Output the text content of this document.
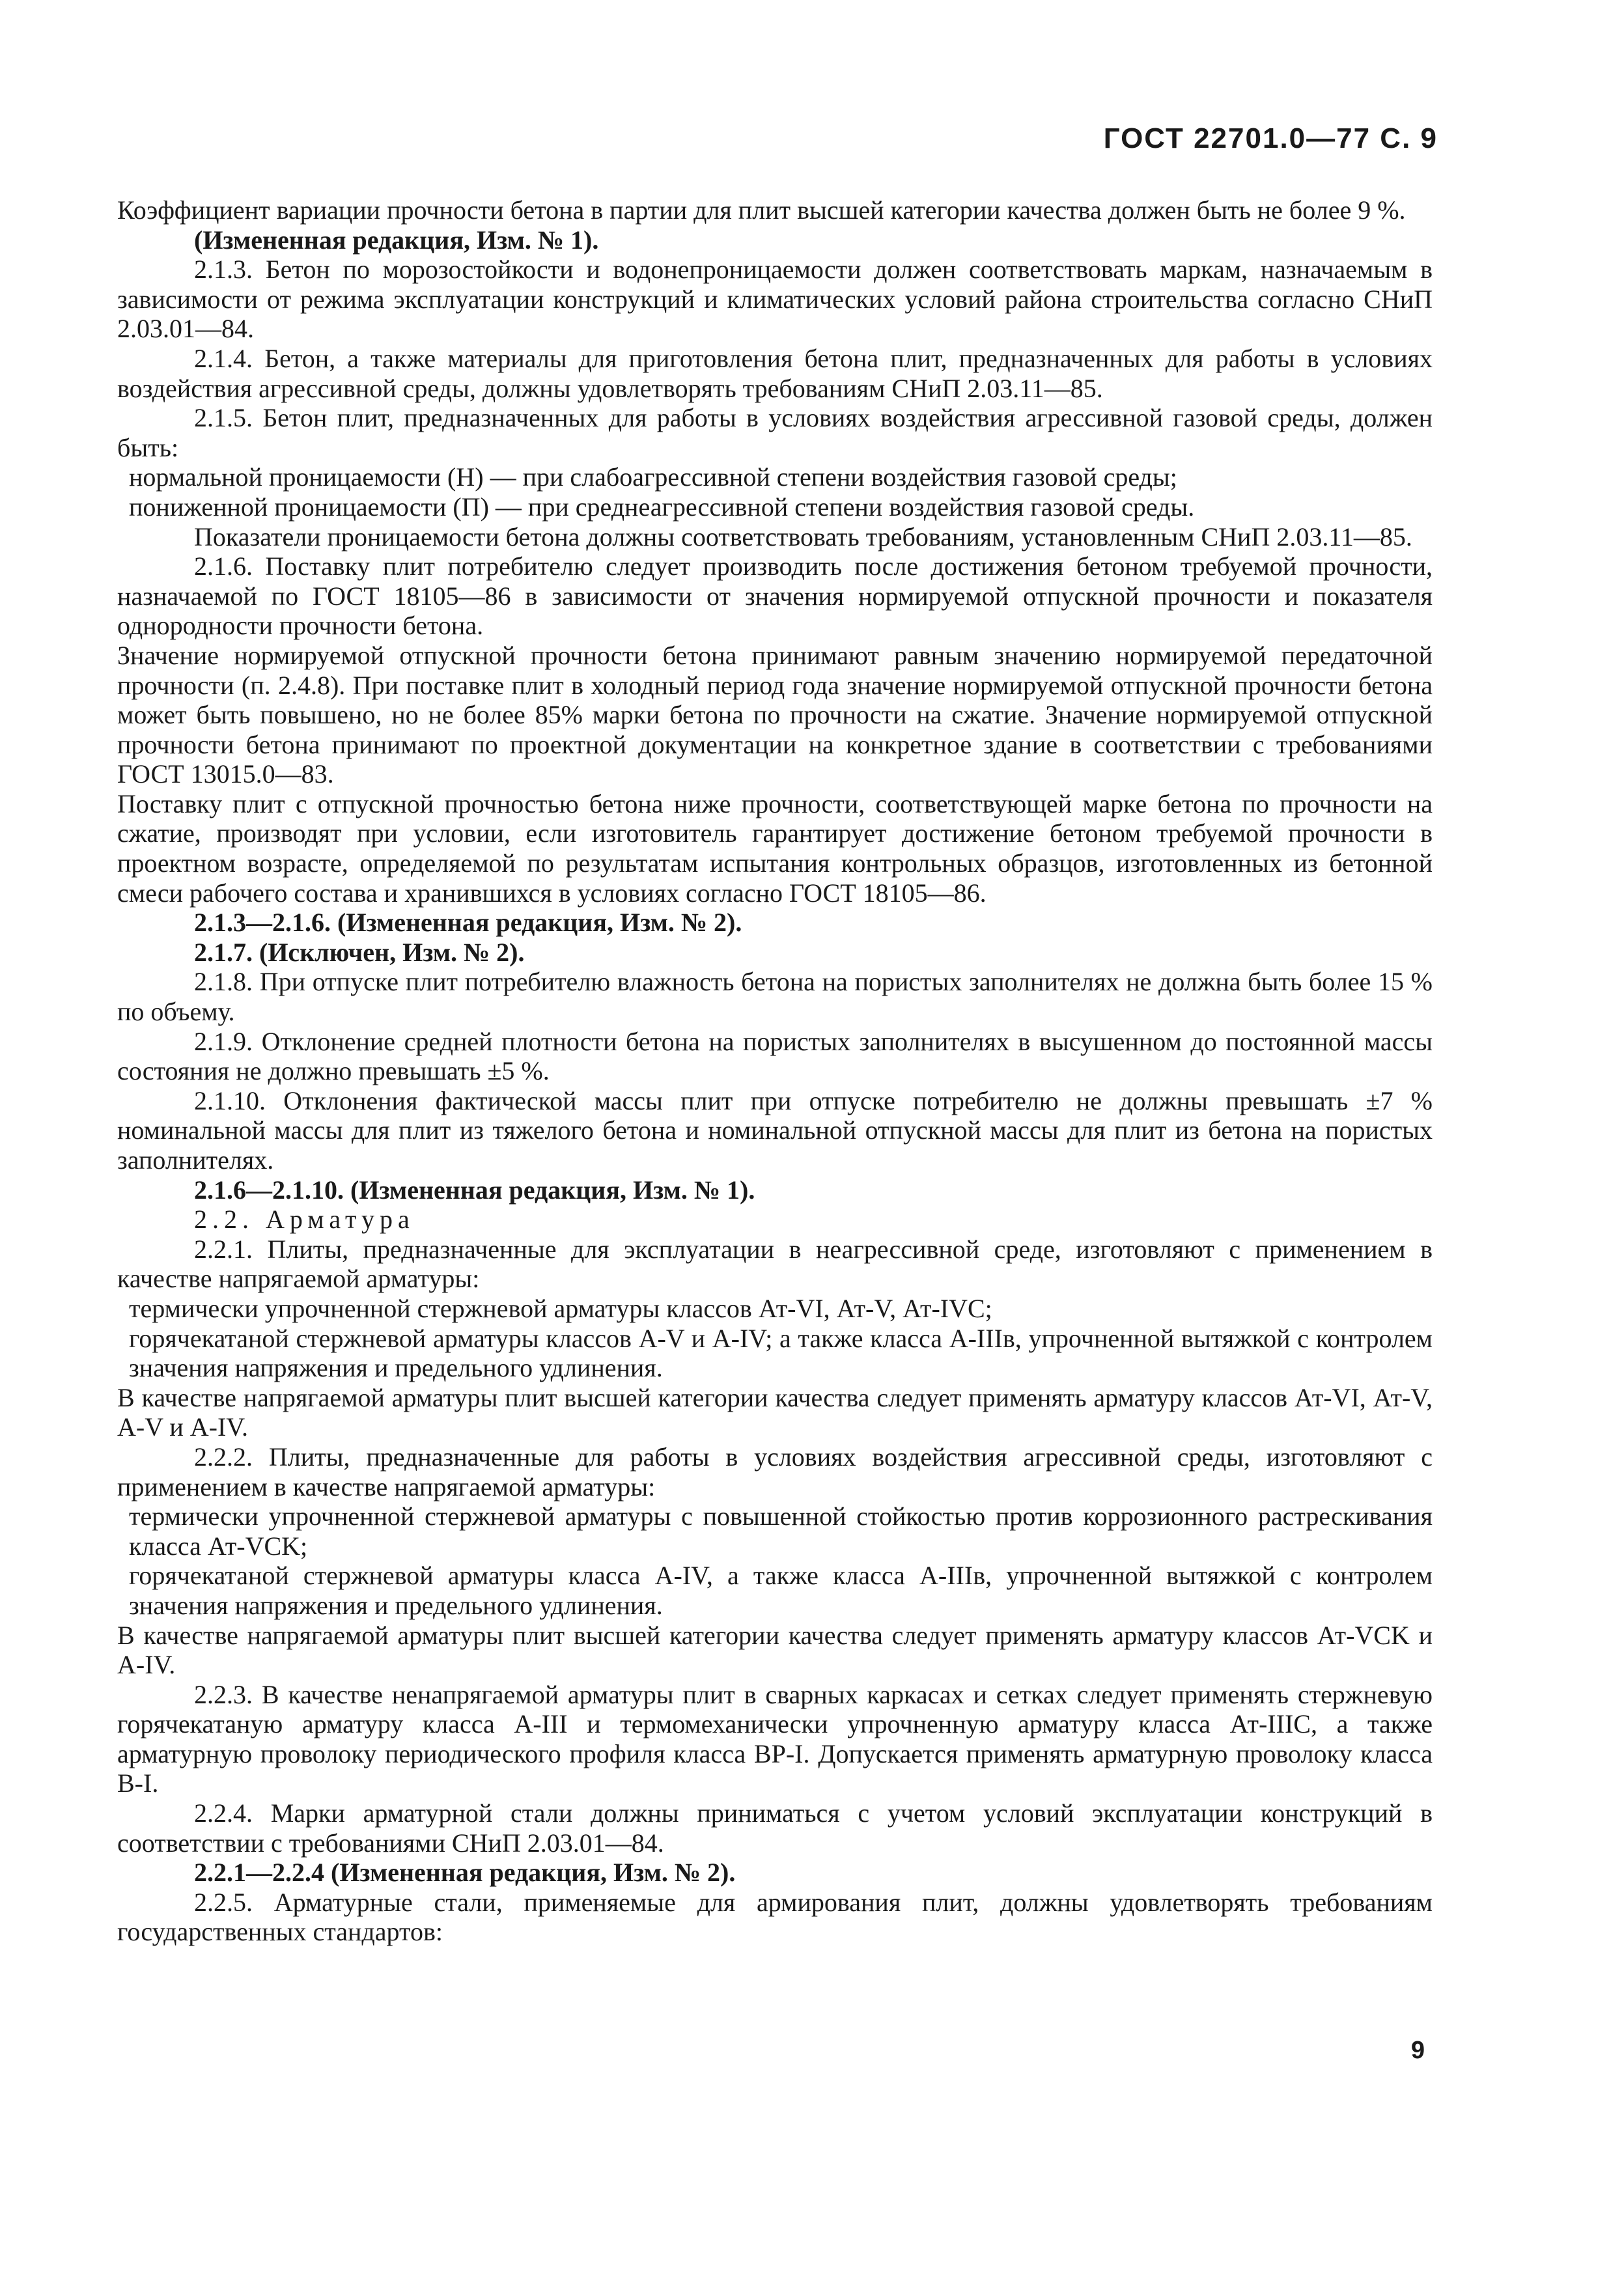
ГОСТ 22701.0—77 С. 9

Коэффициент вариации прочности бетона в партии для плит высшей категории качества должен быть не более 9 %.

(Измененная редакция, Изм. № 1).

2.1.3. Бетон по морозостойкости и водонепроницаемости должен соответствовать маркам, назначаемым в зависимости от режима эксплуатации конструкций и климатических условий района строительства согласно СНиП 2.03.01—84.

2.1.4. Бетон, а также материалы для приготовления бетона плит, предназначенных для работы в условиях воздействия агрессивной среды, должны удовлетворять требованиям СНиП 2.03.11—85.

2.1.5. Бетон плит, предназначенных для работы в условиях воздействия агрессивной газовой среды, должен быть:

нормальной проницаемости (Н) — при слабоагрессивной степени воздействия газовой среды;

пониженной проницаемости (П) — при среднеагрессивной степени воздействия газовой среды.

Показатели проницаемости бетона должны соответствовать требованиям, установленным СНиП 2.03.11—85.

2.1.6. Поставку плит потребителю следует производить после достижения бетоном требуемой прочности, назначаемой по ГОСТ 18105—86 в зависимости от значения нормируемой отпускной прочности и показателя однородности прочности бетона.

Значение нормируемой отпускной прочности бетона принимают равным значению нормируемой передаточной прочности (п. 2.4.8). При поставке плит в холодный период года значение нормируемой отпускной прочности бетона может быть повышено, но не более 85% марки бетона по прочности на сжатие. Значение нормируемой отпускной прочности бетона принимают по проектной документации на конкретное здание в соответствии с требованиями ГОСТ 13015.0—83.

Поставку плит с отпускной прочностью бетона ниже прочности, соответствующей марке бетона по прочности на сжатие, производят при условии, если изготовитель гарантирует достижение бетоном требуемой прочности в проектном возрасте, определяемой по результатам испытания контрольных образцов, изготовленных из бетонной смеси рабочего состава и хранившихся в условиях согласно ГОСТ 18105—86.

2.1.3—2.1.6. (Измененная редакция, Изм. № 2).

2.1.7. (Исключен, Изм. № 2).

2.1.8. При отпуске плит потребителю влажность бетона на пористых заполнителях не должна быть более 15 % по объему.

2.1.9. Отклонение средней плотности бетона на пористых заполнителях в высушенном до постоянной массы состояния не должно превышать ±5 %.

2.1.10. Отклонения фактической массы плит при отпуске потребителю не должны превышать ±7 % номинальной массы для плит из тяжелого бетона и номинальной отпускной массы для плит из бетона на пористых заполнителях.

2.1.6—2.1.10. (Измененная редакция, Изм. № 1).

2.2. Арматура

2.2.1. Плиты, предназначенные для эксплуатации в неагрессивной среде, изготовляют с применением в качестве напрягаемой арматуры:

термически упрочненной стержневой арматуры классов Ат-VI, Ат-V, Ат-IVC;

горячекатаной стержневой арматуры классов А-V и А-IV; а также класса А-IIIв, упрочненной вытяжкой с контролем значения напряжения и предельного удлинения.

В качестве напрягаемой арматуры плит высшей категории качества следует применять арматуру классов Ат-VI, Ат-V, А-V и А-IV.

2.2.2. Плиты, предназначенные для работы в условиях воздействия агрессивной среды, изготовляют с применением в качестве напрягаемой арматуры:

термически упрочненной стержневой арматуры с повышенной стойкостью против коррозионного растрескивания класса Ат-VCK;

горячекатаной стержневой арматуры класса А-IV, а также класса А-IIIв, упрочненной вытяжкой с контролем значения напряжения и предельного удлинения.

В качестве напрягаемой арматуры плит высшей категории качества следует применять арматуру классов Ат-VCK и А-IV.

2.2.3. В качестве ненапрягаемой арматуры плит в сварных каркасах и сетках следует применять стержневую горячекатаную арматуру класса А-III и термомеханически упрочненную арматуру класса Ат-IIIC, а также арматурную проволоку периодического профиля класса ВР-I. Допускается применять арматурную проволоку класса В-I.

2.2.4. Марки арматурной стали должны приниматься с учетом условий эксплуатации конструкций в соответствии с требованиями СНиП 2.03.01—84.

2.2.1—2.2.4 (Измененная редакция, Изм. № 2).

2.2.5. Арматурные стали, применяемые для армирования плит, должны удовлетворять требованиям государственных стандартов:

9
